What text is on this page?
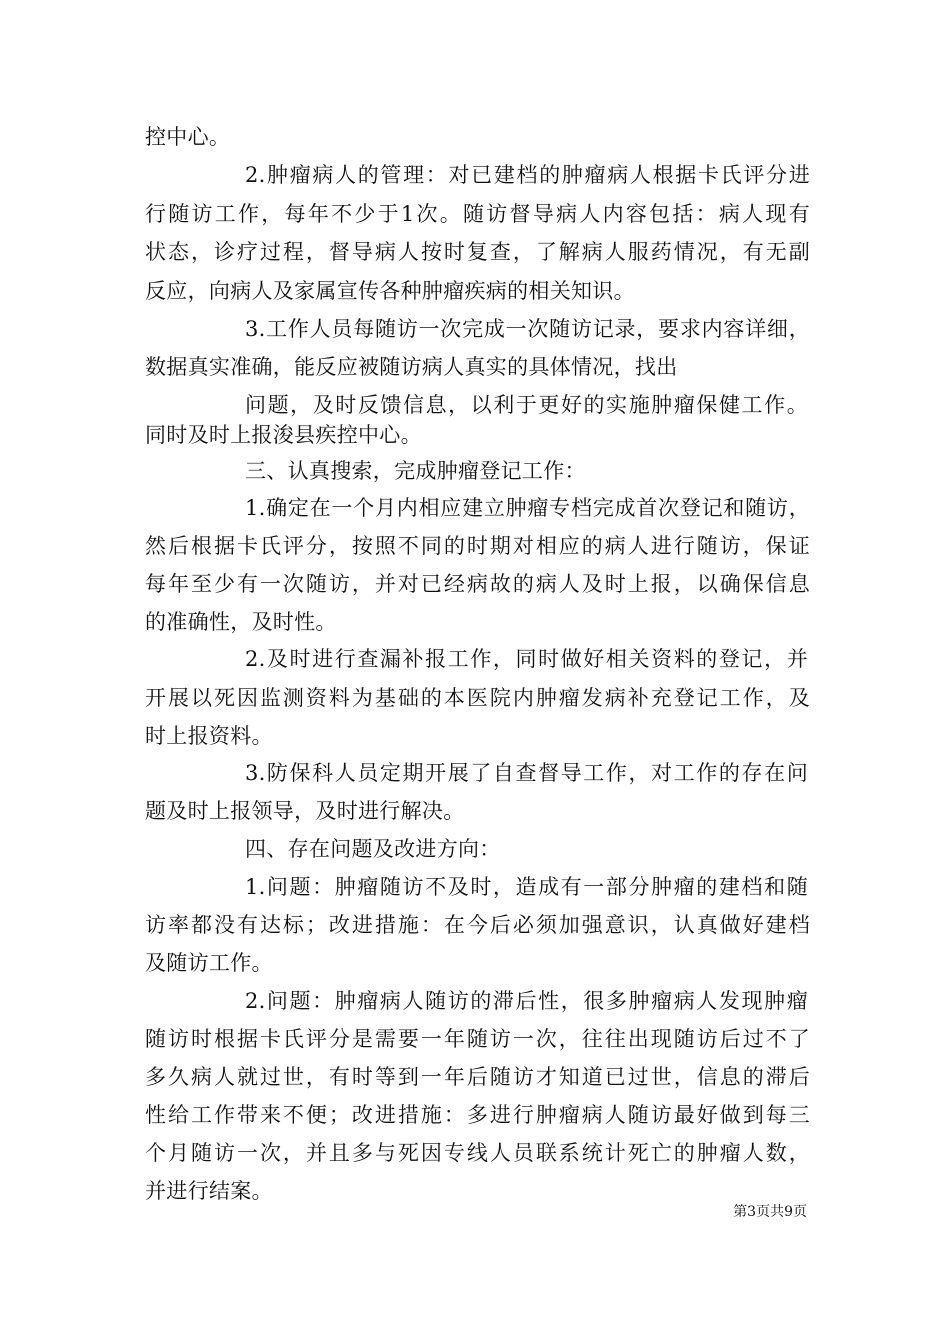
控中心。
2.肿瘤病人的管理：对已建档的肿瘤病人根据卡氏评分进
行随访工作，每年不少于1次。随访督导病人内容包括：病人现有
状态，诊疗过程，督导病人按时复查，了解病人服药情况，有无副
反应，向病人及家属宣传各种肿瘤疾病的相关知识。
3.工作人员每随访一次完成一次随访记录，要求内容详细，
数据真实准确，能反应被随访病人真实的具体情况，找出
问题，及时反馈信息，以利于更好的实施肿瘤保健工作。
同时及时上报浚县疾控中心。
三、认真搜索，完成肿瘤登记工作：
1.确定在一个月内相应建立肿瘤专档完成首次登记和随访，
然后根据卡氏评分，按照不同的时期对相应的病人进行随访，保证
每年至少有一次随访，并对已经病故的病人及时上报，以确保信息
的准确性，及时性。
2.及时进行查漏补报工作，同时做好相关资料的登记，并
开展以死因监测资料为基础的本医院内肿瘤发病补充登记工作，及
时上报资料。
3.防保科人员定期开展了自查督导工作，对工作的存在问
题及时上报领导，及时进行解决。
四、存在问题及改进方向：
1.问题：肿瘤随访不及时，造成有一部分肿瘤的建档和随
访率都没有达标；改进措施：在今后必须加强意识，认真做好建档
及随访工作。
2.问题：肿瘤病人随访的滞后性，很多肿瘤病人发现肿瘤
随访时根据卡氏评分是需要一年随访一次，往往出现随访后过不了
多久病人就过世，有时等到一年后随访才知道已过世，信息的滞后
性给工作带来不便；改进措施：多进行肿瘤病人随访最好做到每三
个月随访一次，并且多与死因专线人员联系统计死亡的肿瘤人数，
并进行结案。
第3页共9页
